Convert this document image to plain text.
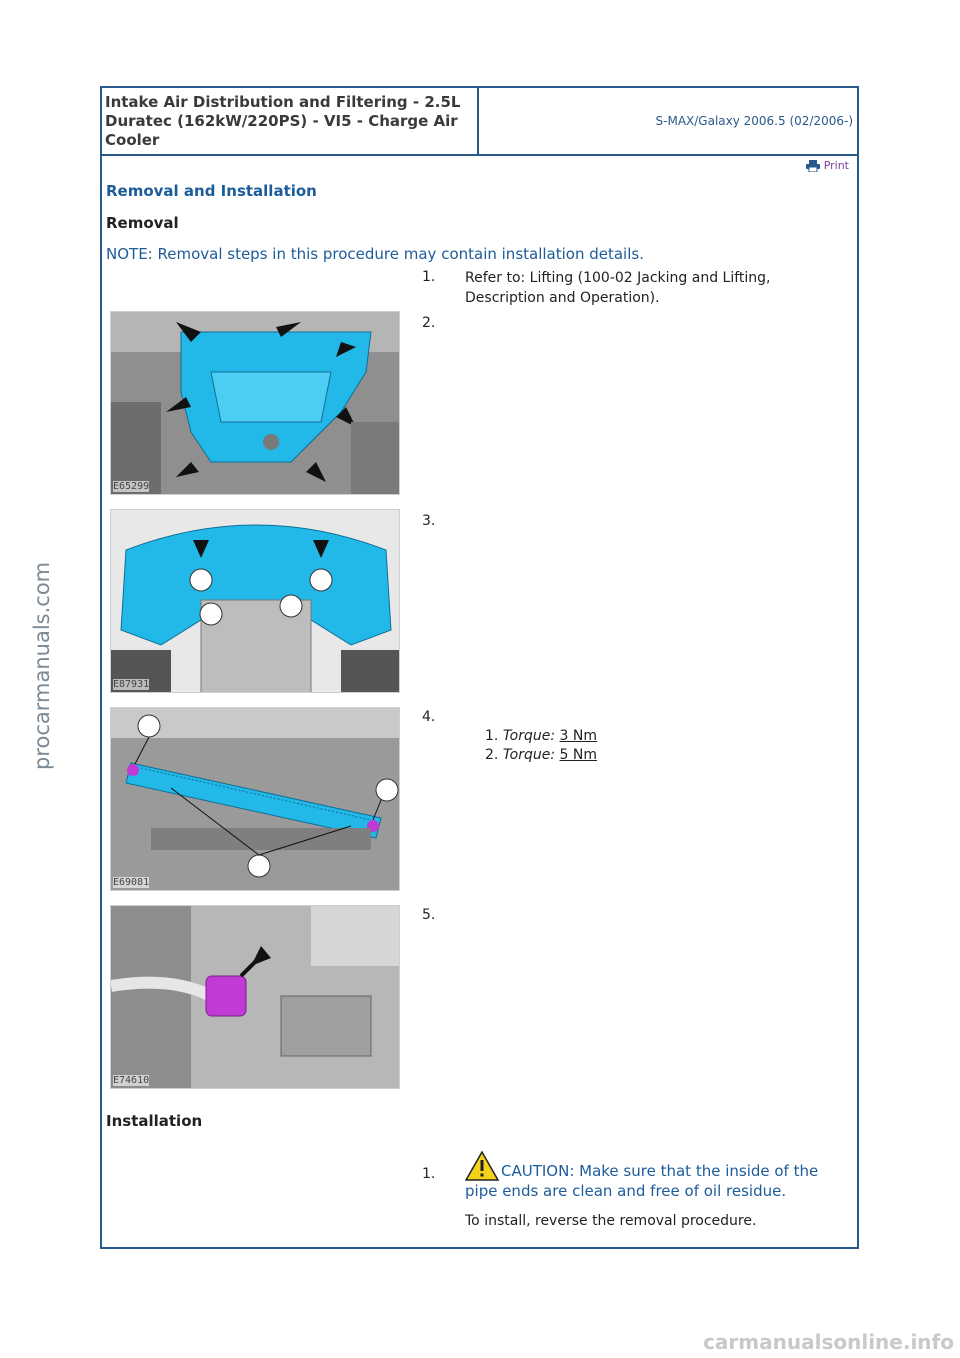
Intake Air Distribution and Filtering - 2.5L Duratec (162kW/220PS) - VI5 - Charge Air Cooler
S-MAX/Galaxy 2006.5 (02/2006-)
Print
Removal and Installation
Removal
NOTE: Removal steps in this procedure may contain installation details.
1. Refer to: Lifting (100-02 Jacking and Lifting, Description and Operation).
2.
E65299
3.
E87931
4.
1. Torque: 3 Nm
2. Torque: 5 Nm
E69081
5.
E74610
Installation
1.	CAUTION: Make sure that the inside of the pipe ends are clean and free of oil residue.
To install, reverse the removal procedure.
procarmanuals.com
carmanualsonline.info
